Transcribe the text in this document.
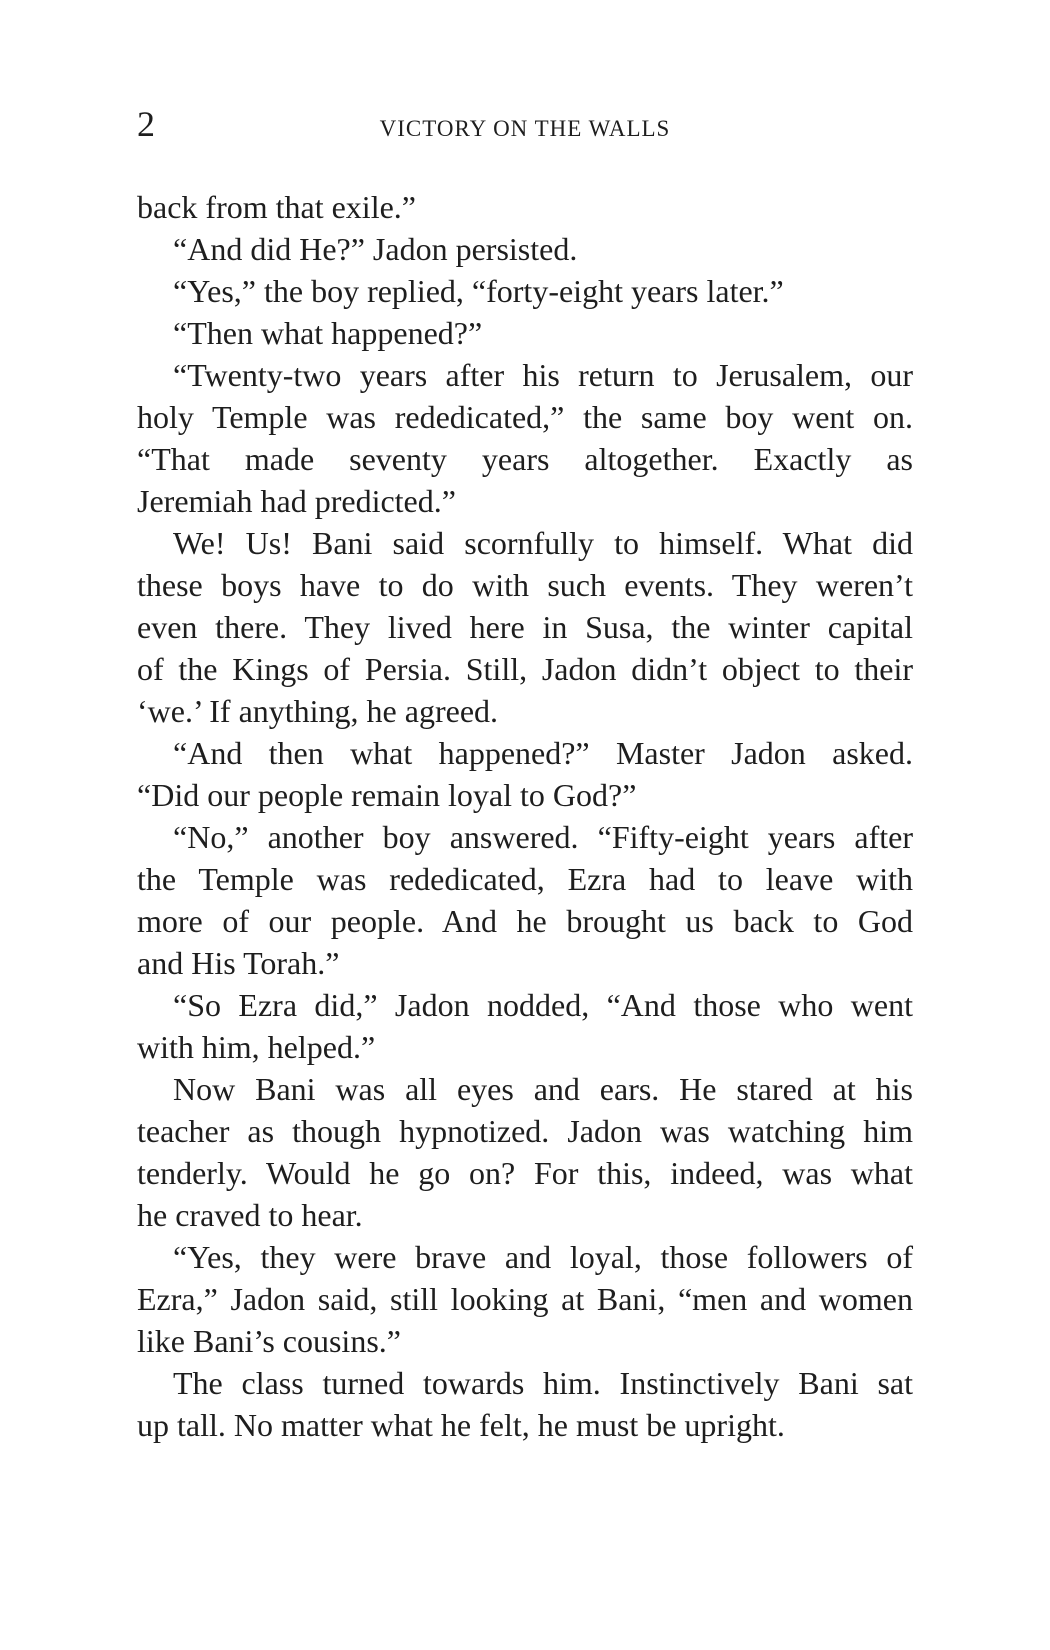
2	VICTORY ON THE WALLS
back from that exile.”
“And did He?” Jadon persisted.
“Yes,” the boy replied, “forty-eight years later.”
“Then what happened?”
“Twenty-two years after his return to Jerusalem, our
holy Temple was rededicated,” the same boy went on.
“That made seventy years altogether. Exactly as
Jeremiah had predicted.”
We! Us! Bani said scornfully to himself. What did
these boys have to do with such events. They weren’t
even there. They lived here in Susa, the winter capital
of the Kings of Persia. Still, Jadon didn’t object to their
‘we.’ If anything, he agreed.
“And then what happened?” Master Jadon asked.
“Did our people remain loyal to God?”
“No,” another boy answered. “Fifty-eight years after
the Temple was rededicated, Ezra had to leave with
more of our people. And he brought us back to God
and His Torah.”
“So Ezra did,” Jadon nodded, “And those who went
with him, helped.”
Now Bani was all eyes and ears. He stared at his
teacher as though hypnotized. Jadon was watching him
tenderly. Would he go on? For this, indeed, was what
he craved to hear.
“Yes, they were brave and loyal, those followers of
Ezra,” Jadon said, still looking at Bani, “men and women
like Bani’s cousins.”
The class turned towards him. Instinctively Bani sat
up tall. No matter what he felt, he must be upright.
